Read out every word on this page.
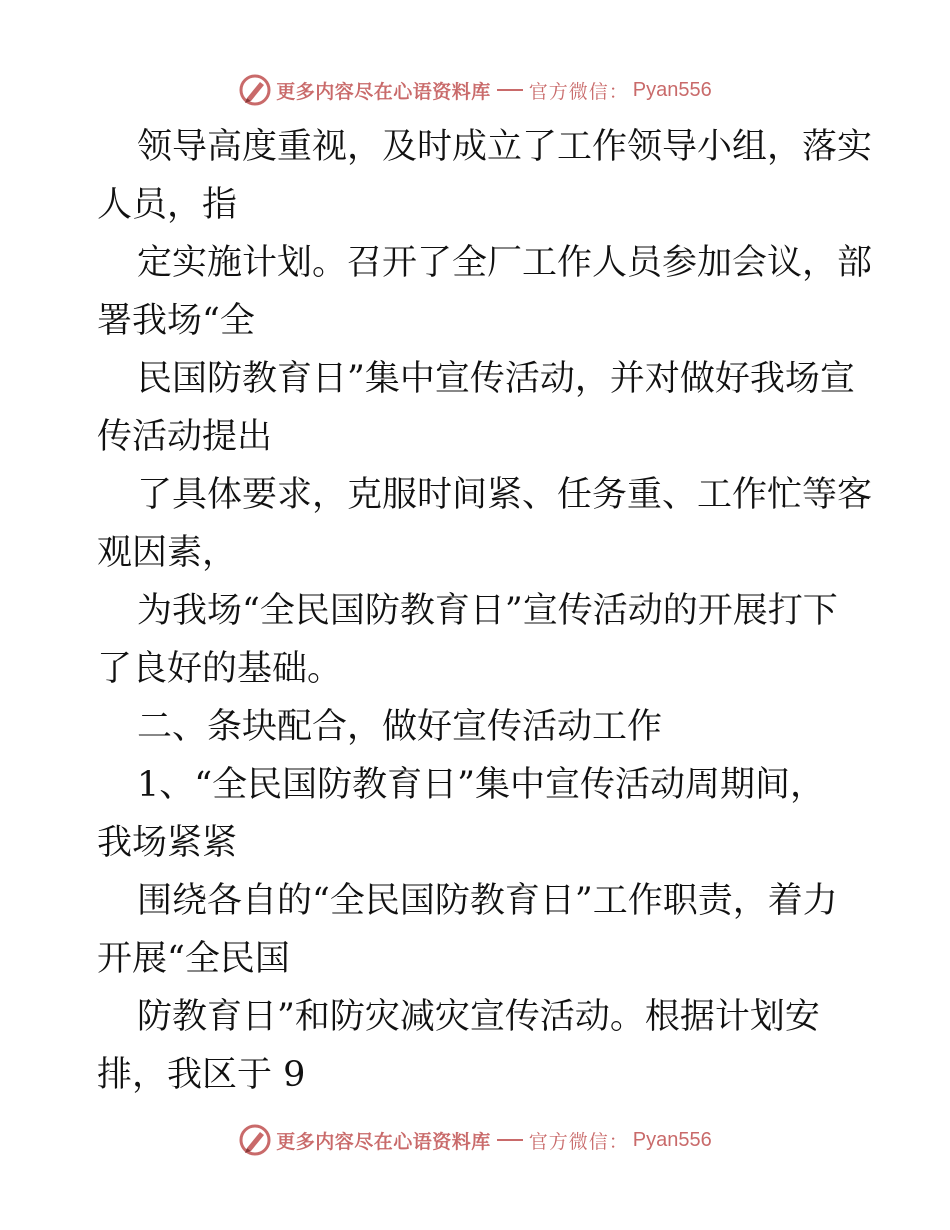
更多内容尽在心语资料库 官方微信： Pyan556
领导高度重视，及时成立了工作领导小组，落实
人员，指
定实施计划。召开了全厂工作人员参加会议，部
署我场“全
民国防教育日”集中宣传活动，并对做好我场宣
传活动提出
了具体要求，克服时间紧、任务重、工作忙等客
观因素，
为我场“全民国防教育日”宣传活动的开展打下
了良好的基础。
二、条块配合，做好宣传活动工作
1、“全民国防教育日”集中宣传活动周期间，
我场紧紧
围绕各自的“全民国防教育日”工作职责，着力
开展“全民国
防教育日”和防灾减灾宣传活动。根据计划安
排，我区于 9
更多内容尽在心语资料库 官方微信： Pyan556
